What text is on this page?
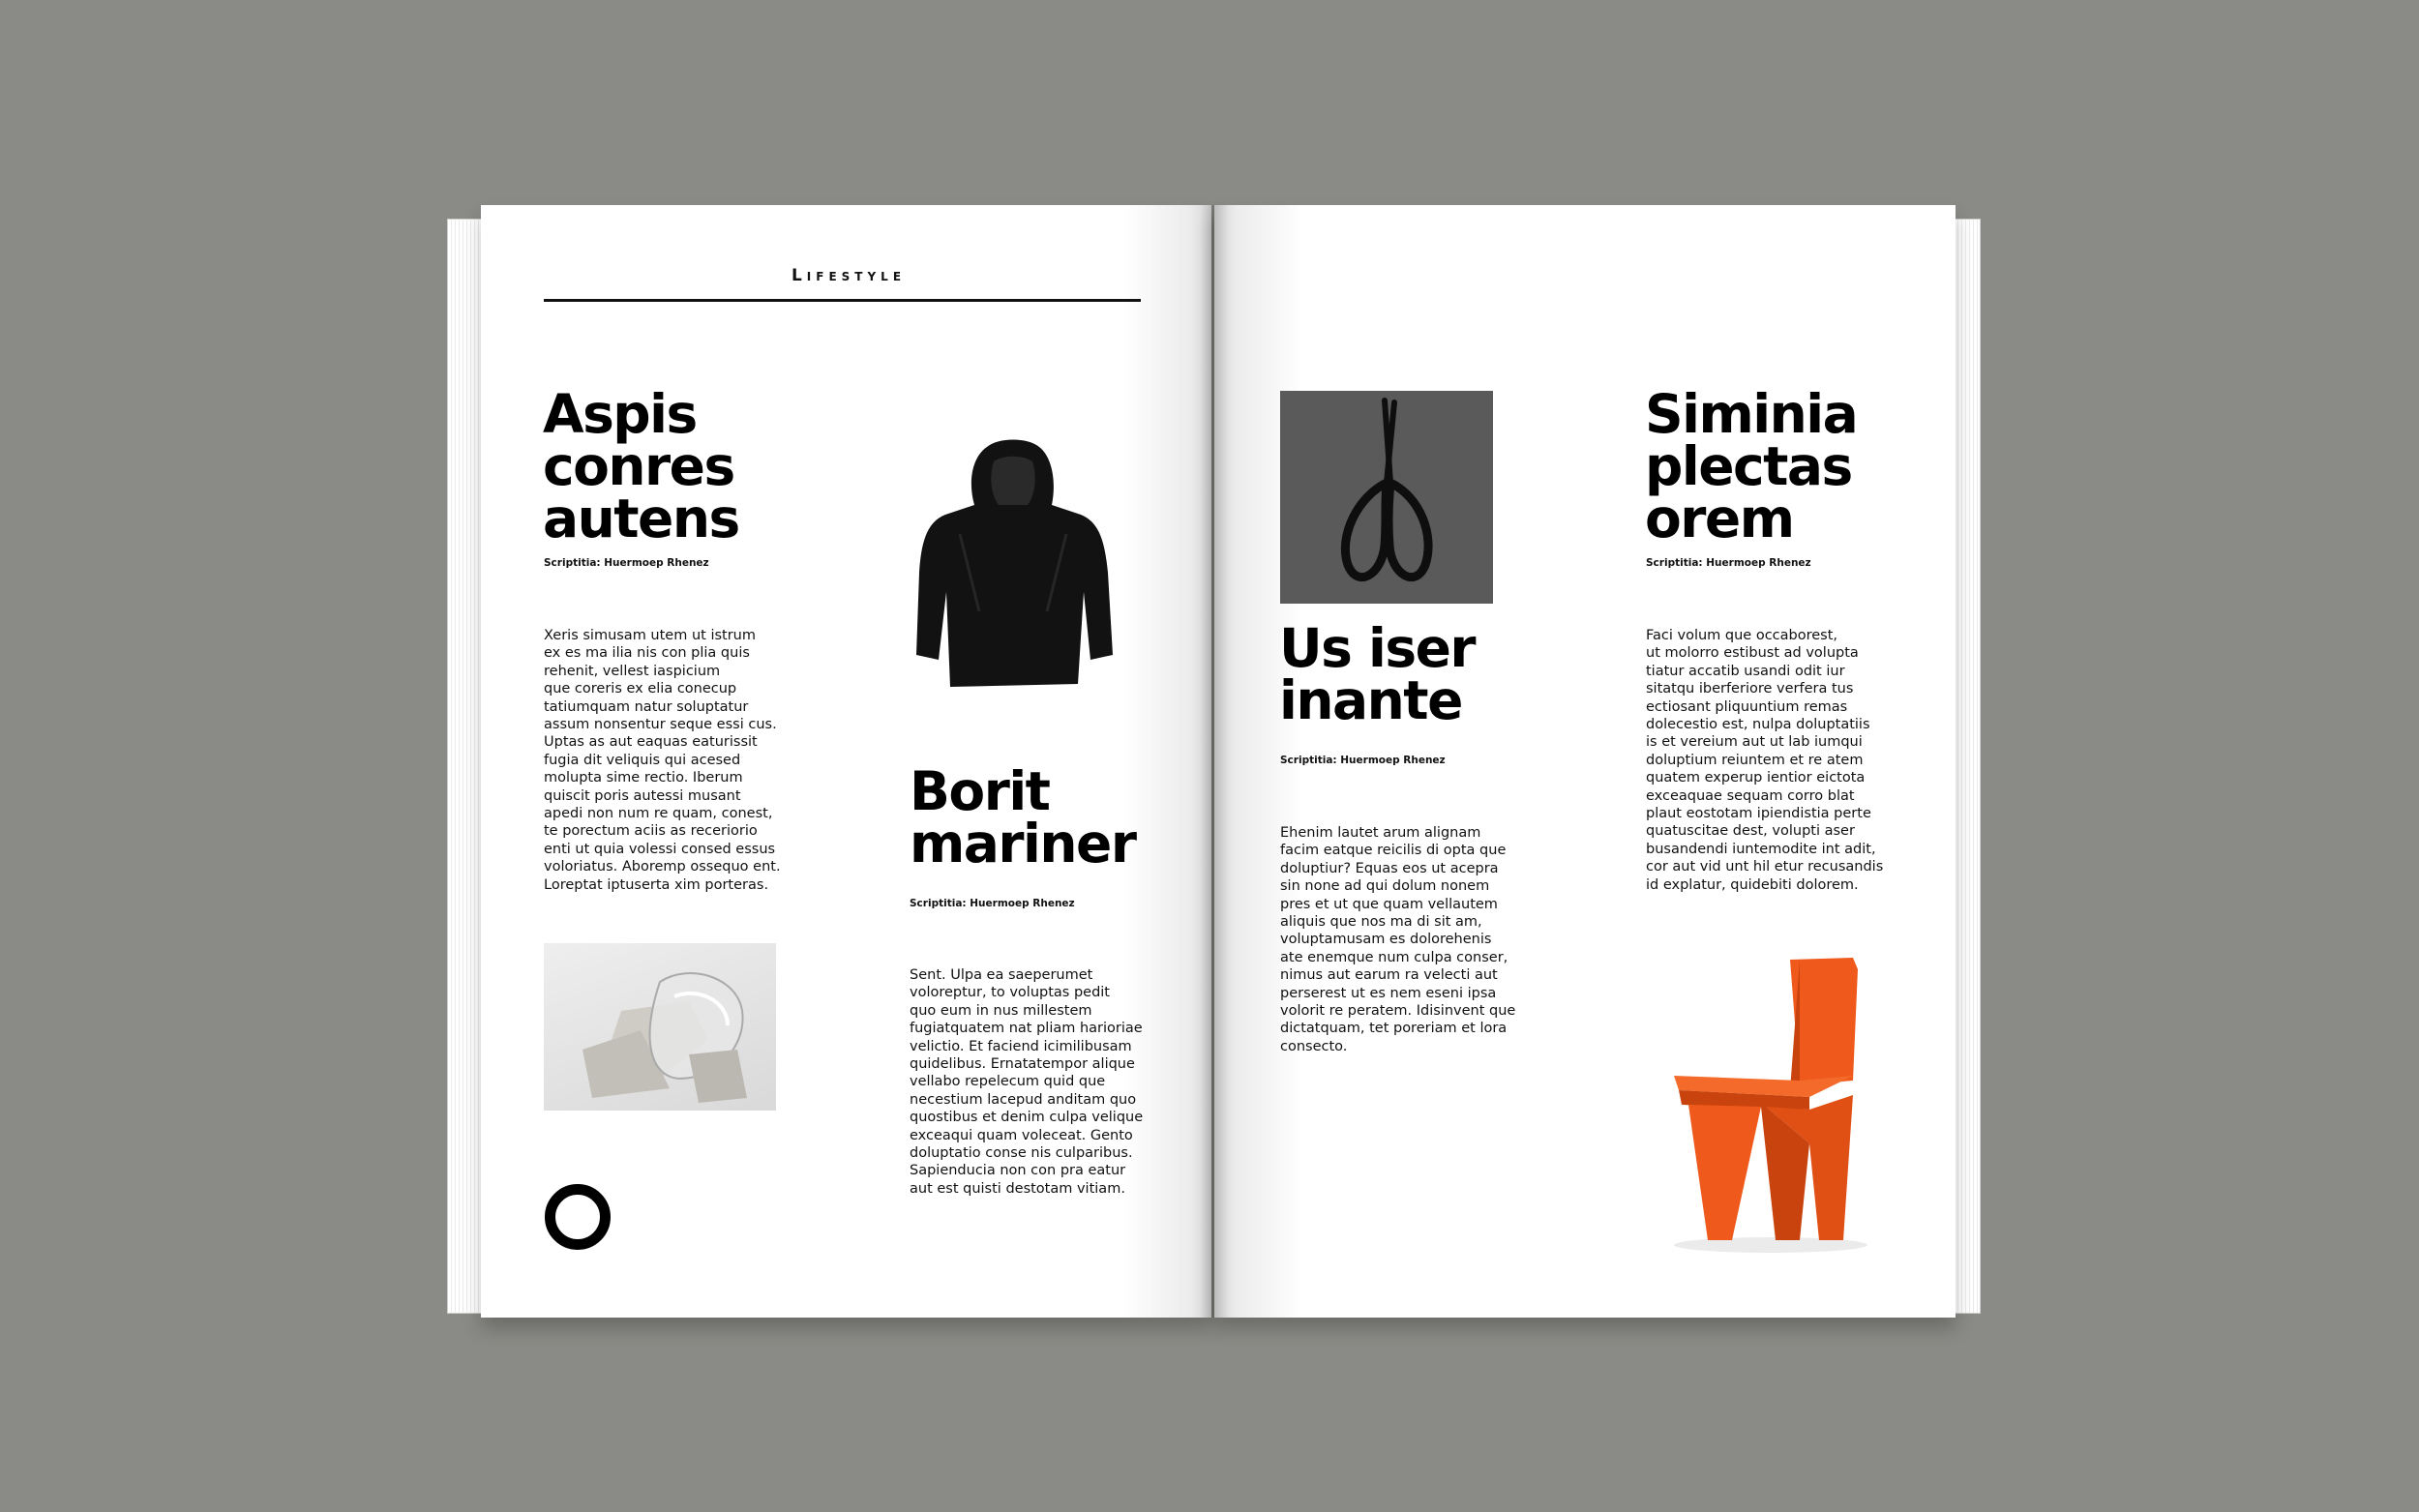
Lifestyle
Aspis
conres
autens
Scriptitia: Huermoep Rhenez
Xeris simusam utem ut istrum
ex es ma ilia nis con plia quis
rehenit, vellest iaspicium
que coreris ex elia conecup
tatiumquam natur soluptatur
assum nonsentur seque essi cus.
Uptas as aut eaquas eaturissit
fugia dit veliquis qui acesed
molupta sime rectio. Iberum
quiscit poris autessi musant
apedi non num re quam, conest,
te porectum aciis as receriorio
enti ut quia volessi consed essus
voloriatus. Aboremp ossequo ent.
Loreptat iptuserta xim porteras.
Borit
mariner
Scriptitia: Huermoep Rhenez
Sent. Ulpa ea saeperumet
voloreptur, to voluptas pedit
quo eum in nus millestem
fugiatquatem nat pliam harioriae
velictio. Et faciend icimilibusam
quidelibus. Ernatatempor alique
vellabo repelecum quid que
necestium lacepud anditam quo
quostibus et denim culpa velique
exceaqui quam voleceat. Gento
doluptatio conse nis culparibus.
Sapienducia non con pra eatur
aut est quisti destotam vitiam.
Us iser
inante
Scriptitia: Huermoep Rhenez
Ehenim lautet arum alignam
facim eatque reicilis di opta que
doluptiur? Equas eos ut acepra
sin none ad qui dolum nonem
pres et ut que quam vellautem
aliquis que nos ma di sit am,
voluptamusam es dolorehenis
ate enemque num culpa conser,
nimus aut earum ra velecti aut
perserest ut es nem eseni ipsa
volorit re peratem. Idisinvent que
dictatquam, tet poreriam et lora
consecto.
Siminia
plectas
orem
Scriptitia: Huermoep Rhenez
Faci volum que occaborest,
ut molorro estibust ad volupta
tiatur accatib usandi odit iur
sitatqu iberferiore verfera tus
ectiosant pliquuntium remas
dolecestio est, nulpa doluptatiis
is et vereium aut ut lab iumqui
doluptium reiuntem et re atem
quatem experup ientior eictota
exceaquae sequam corro blat
plaut eostotam ipiendistia perte
quatuscitae dest, volupti aser
busandendi iuntemodite int adit,
cor aut vid unt hil etur recusandis
id explatur, quidebiti dolorem.
